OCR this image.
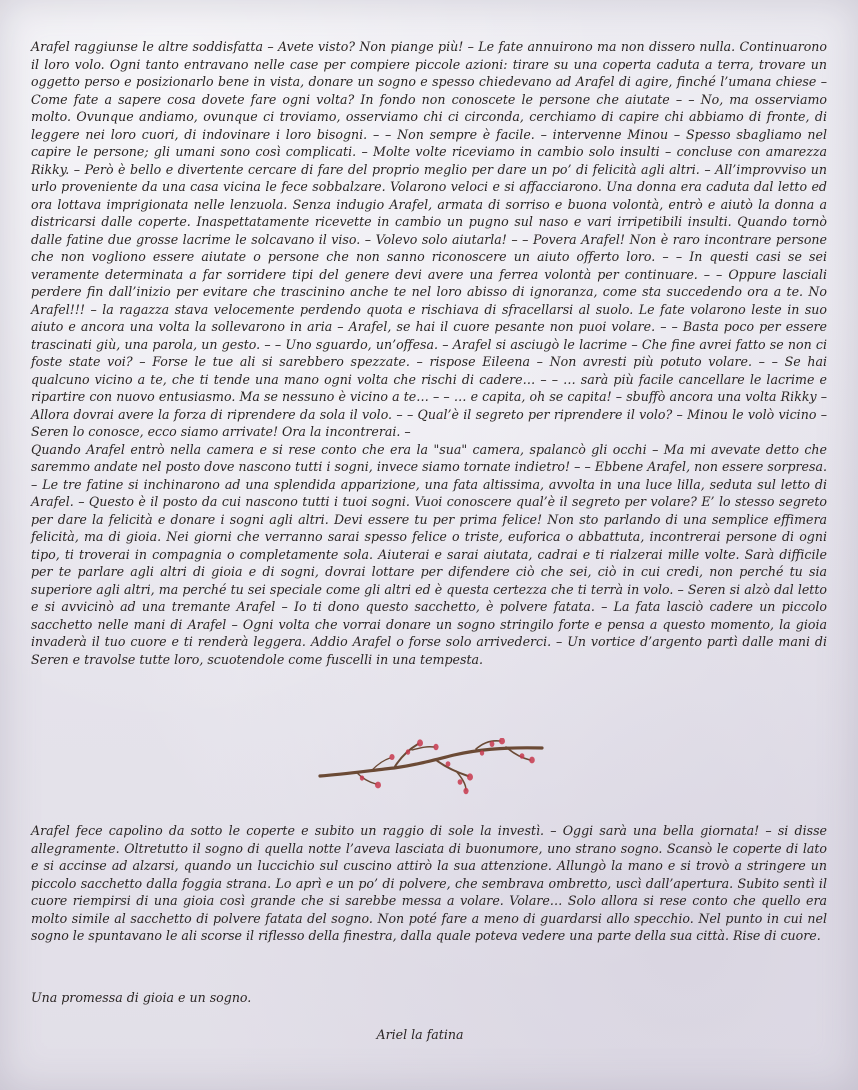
Arafel raggiunse le altre soddisfatta – Avete visto? Non piange più! – Le fate annuirono ma non dissero nulla. Continuarono il loro volo. Ogni tanto entravano nelle case per compiere piccole azioni: tirare su una coperta caduta a terra, trovare un oggetto perso e posizionarlo bene in vista, donare un sogno e spesso chiedevano ad Arafel di agire, finché l’umana chiese – Come fate a sapere cosa dovete fare ogni volta? In fondo non conoscete le persone che aiutate – – No, ma osserviamo molto. Ovunque andiamo, ovunque ci troviamo, osserviamo chi ci circonda, cerchiamo di capire chi abbiamo di fronte, di leggere nei loro cuori, di indovinare i loro bisogni. – – Non sempre è facile. – intervenne Minou – Spesso sbagliamo nel capire le persone; gli umani sono così complicati. – Molte volte riceviamo in cambio solo insulti – concluse con amarezza Rikky. – Però è bello e divertente cercare di fare del proprio meglio per dare un po’ di felicità agli altri. – All’improvviso un urlo proveniente da una casa vicina le fece sobbalzare. Volarono veloci e si affacciarono. Una donna era caduta dal letto ed ora lottava imprigionata nelle lenzuola. Senza indugio Arafel, armata di sorriso e buona volontà, entrò e aiutò la donna a districarsi dalle coperte. Inaspettatamente ricevette in cambio un pugno sul naso e vari irripetibili insulti. Quando tornò dalle fatine due grosse lacrime le solcavano il viso. – Volevo solo aiutarla! – – Povera Arafel! Non è raro incontrare persone che non vogliono essere aiutate o persone che non sanno riconoscere un aiuto offerto loro. – – In questi casi se sei veramente determinata a far sorridere tipi del genere devi avere una ferrea volontà per continuare. – – Oppure lasciali perdere fin dall’inizio per evitare che trascinino anche te nel loro abisso di ignoranza, come sta succedendo ora a te. No Arafel!!! – la ragazza stava velocemente perdendo quota e rischiava di sfracellarsi al suolo. Le fate volarono leste in suo aiuto e ancora una volta la sollevarono in aria – Arafel, se hai il cuore pesante non puoi volare. – – Basta poco per essere trascinati giù, una parola, un gesto. – – Uno sguardo, un’offesa. – Arafel si asciugò le lacrime – Che fine avrei fatto se non ci foste state voi? – Forse le tue ali si sarebbero spezzate. – rispose Eileena – Non avresti più potuto volare. – – Se hai qualcuno vicino a te, che ti tende una mano ogni volta che rischi di cadere… – – … sarà più facile cancellare le lacrime e ripartire con nuovo entusiasmo. Ma se nessuno è vicino a te… – – … e capita, oh se capita! – sbuffò ancora una volta Rikky – Allora dovrai avere la forza di riprendere da sola il volo. – – Qual’è il segreto per riprendere il volo? – Minou le volò vicino – Seren lo conosce, ecco siamo arrivate! Ora la incontrerai. –
Quando Arafel entrò nella camera e si rese conto che era la "sua" camera, spalancò gli occhi – Ma mi avevate detto che saremmo andate nel posto dove nascono tutti i sogni, invece siamo tornate indietro! – – Ebbene Arafel, non essere sorpresa. – Le tre fatine si inchinarono ad una splendida apparizione, una fata altissima, avvolta in una luce lilla, seduta sul letto di Arafel. – Questo è il posto da cui nascono tutti i tuoi sogni. Vuoi conoscere qual’è il segreto per volare? E’ lo stesso segreto per dare la felicità e donare i sogni agli altri. Devi essere tu per prima felice! Non sto parlando di una semplice effimera felicità, ma di gioia. Nei giorni che verranno sarai spesso felice o triste, euforica o abbattuta, incontrerai persone di ogni tipo, ti troverai in compagnia o completamente sola. Aiuterai e sarai aiutata, cadrai e ti rialzerai mille volte. Sarà difficile per te parlare agli altri di gioia e di sogni, dovrai lottare per difendere ciò che sei, ciò in cui credi, non perché tu sia superiore agli altri, ma perché tu sei speciale come gli altri ed è questa certezza che ti terrà in volo. – Seren si alzò dal letto e si avvicinò ad una tremante Arafel – Io ti dono questo sacchetto, è polvere fatata. – La fata lasciò cadere un piccolo sacchetto nelle mani di Arafel – Ogni volta che vorrai donare un sogno stringilo forte e pensa a questo momento, la gioia invaderà il tuo cuore e ti renderà leggera. Addio Arafel o forse solo arrivederci. – Un vortice d’argento partì dalle mani di Seren e travolse tutte loro, scuotendole come fuscelli in una tempesta.

Arafel fece capolino da sotto le coperte e subito un raggio di sole la investì. – Oggi sarà una bella giornata! – si disse allegramente. Oltretutto il sogno di quella notte l’aveva lasciata di buonumore, uno strano sogno. Scansò le coperte di lato e si accinse ad alzarsi, quando un luccichio sul cuscino attirò la sua attenzione. Allungò la mano e si trovò a stringere un piccolo sacchetto dalla foggia strana. Lo aprì e un po’ di polvere, che sembrava ombretto, uscì dall’apertura. Subito sentì il cuore riempirsi di una gioia così grande che si sarebbe messa a volare. Volare… Solo allora si rese conto che quello era molto simile al sacchetto di polvere fatata del sogno. Non poté fare a meno di guardarsi allo specchio. Nel punto in cui nel sogno le spuntavano le ali scorse il riflesso della finestra, dalla quale poteva vedere una parte della sua città. Rise di cuore.

Una promessa di gioia e un sogno.

Ariel la fatina
